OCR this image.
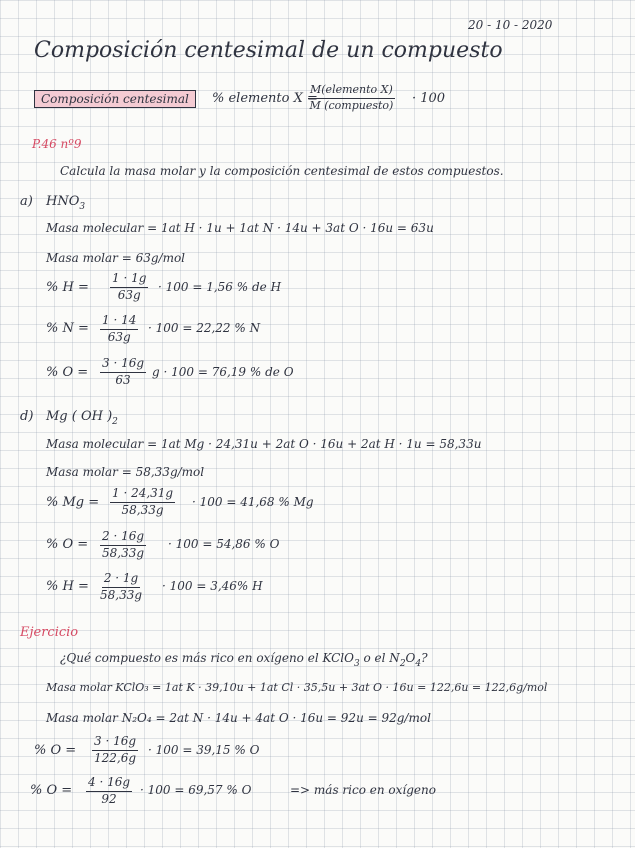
20 - 10 - 2020
Composición centesimal de un compuesto
Composición centesimal	% elemento X =
M(elemento X)
M (compuesto) · 100
P.46 nº9
Calcula la masa molar y la composición centesimal de estos compuestos.
a) $HNO_3$
Masa molecular = 1at H · 1u + 1at N · 14u + 3at O · 16u = 63u
Masa molar = 63g/mol
% $H = \frac{1 \cdot 1g}{63g} \cdot 100 = 1,56$ % de H
% $N = \frac{1 \cdot 14}{63g} \cdot 100 = 22,22$ % N
% $O = \frac{3 \cdot 16g}{63}$ g · 100 = 76,19 % de O
d) Mg ( OH )$_2$
Masa molecular = 1at Mg · 24,31u + 2at O · 16u + 2at H · 1u = 58,33u
Masa molar = 58,33g/mol
% $Mg = \frac{1 \cdot 24,31g}{58,33g} \cdot 100 = 41,68$ % Mg
% $O = \frac{2 \cdot 16g}{58,33g} \cdot 100 = 54,86$ % O
% $H = \frac{2 \cdot 1g}{58,33g} \cdot 100 = 3,46\%$ H
Ejercicio
¿Qué compuesto es más rico en oxígeno el KClO$_3$ o el $N_2O_4$?
Masa molar KClO₃ = 1at K · 39,10u + 1at Cl · 35,5u + 3at O · 16u = 122,6u = 122,6g/mol
Masa molar N₂O₄ = 2at N · 14u + 4at O · 16u = 92u = 92g/mol
% $O = \frac{3 \cdot 16g}{122,6g} \cdot 100 = 39,15$ % O
% $O = \frac{4 \cdot 16g}{92} \cdot 100 = 69,57$ % O	=> más rico en oxígeno
